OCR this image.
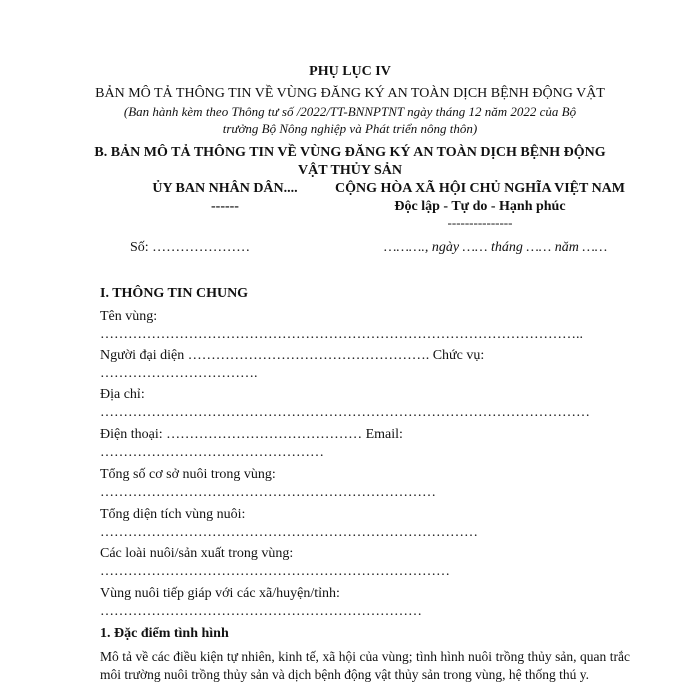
PHỤ LỤC IV
BẢN MÔ TẢ THÔNG TIN VỀ VÙNG ĐĂNG KÝ AN TOÀN DỊCH BỆNH ĐỘNG VẬT
(Ban hành kèm theo Thông tư số /2022/TT-BNNPTNT ngày tháng 12 năm 2022 của Bộ
trưởng Bộ Nông nghiệp và Phát triển nông thôn)
B. BẢN MÔ TẢ THÔNG TIN VỀ VÙNG ĐĂNG KÝ AN TOÀN DỊCH BỆNH ĐỘNG
VẬT THỦY SẢN
ỦY BAN NHÂN DÂN....
------
CỘNG HÒA XÃ HỘI CHỦ NGHĨA VIỆT NAM
Độc lập - Tự do - Hạnh phúc
---------------
Số: …………………	………., ngày …… tháng …… năm ……
I. THÔNG TIN CHUNG
Tên vùng:
…………………………………………………………………………………………..
Người đại diện ……………………………………………. Chức vụ:
…………………………….
Địa chỉ:
……………………………………………………………………………………………
Điện thoại: …………………………………… Email:
…………………………………………
Tổng số cơ sở nuôi trong vùng:
………………………………………………………………
Tổng diện tích vùng nuôi:
………………………………………………………………………
Các loài nuôi/sản xuất trong vùng:
…………………………………………………………………
Vùng nuôi tiếp giáp với các xã/huyện/tỉnh:
……………………………………………………………
1. Đặc điểm tình hình
Mô tả về các điều kiện tự nhiên, kinh tế, xã hội của vùng; tình hình nuôi trồng thủy sản, quan trắc môi trường nuôi trồng thủy sản và dịch bệnh động vật thủy sản trong vùng, hệ thống thú y.
